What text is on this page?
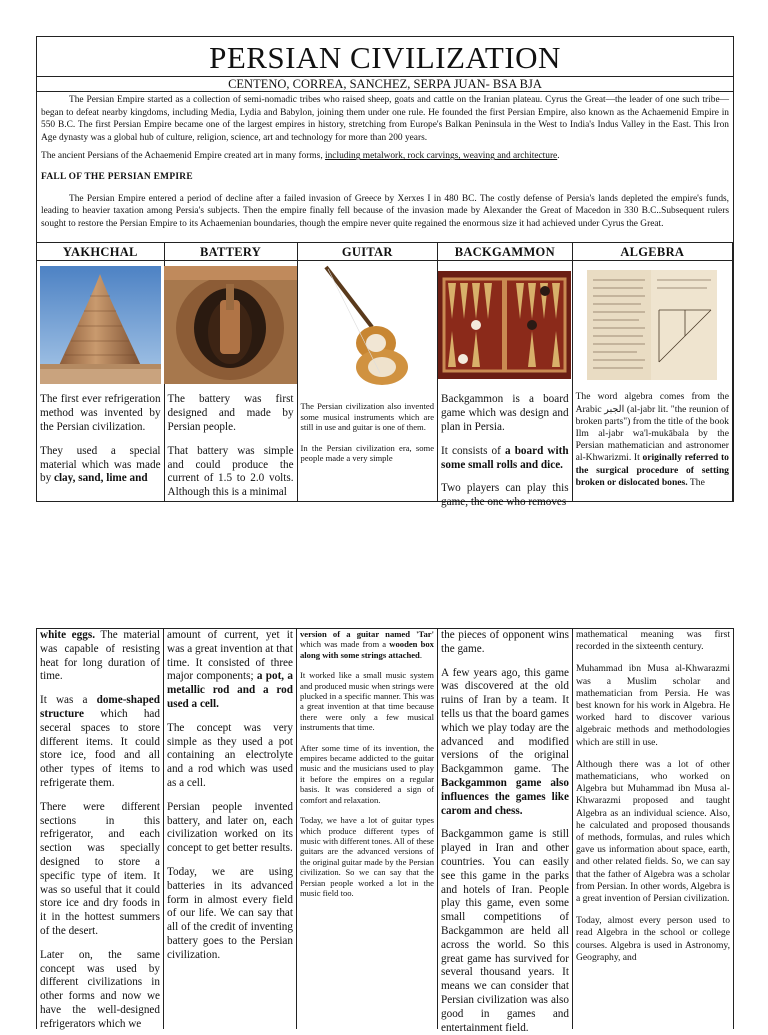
PERSIAN CIVILIZATION
CENTENO, CORREA, SANCHEZ, SERPA JUAN- BSA BJA

The Persian Empire started as a collection of semi-nomadic tribes who raised sheep, goats and cattle on the Iranian plateau. Cyrus the Great—the leader of one such tribe—began to defeat nearby kingdoms, including Media, Lydia and Babylon, joining them under one rule. He founded the first Persian Empire, also known as the Achaemenid Empire in 550 B.C. The first Persian Empire became one of the largest empires in history, stretching from Europe's Balkan Peninsula in the West to India's Indus Valley in the East. This Iron Age dynasty was a global hub of culture, religion, science, art and technology for more than 200 years.

The ancient Persians of the Achaemenid Empire created art in many forms, including metalwork, rock carvings, weaving and architecture.

FALL OF THE PERSIAN EMPIRE

The Persian Empire entered a period of decline after a failed invasion of Greece by Xerxes I in 480 BC. The costly defense of Persia's lands depleted the empire's funds, leading to heavier taxation among Persia's subjects. Then the empire finally fell because of the invasion made by Alexander the Great of Macedon in 330 B.C..Subsequent rulers sought to restore the Persian Empire to its Achaemenian boundaries, though the empire never quite regained the enormous size it had achieved under Cyrus the Great.

YAKHCHAL

The first ever refrigeration method was invented by the Persian civilization.

They used a special material which was made by clay, sand, lime and

BATTERY

The battery was first designed and made by Persian people.

That battery was simple and could produce the current of 1.5 to 2.0 volts. Although this is a minimal

GUITAR

The Persian civilization also invented some musical instruments which are still in use and guitar is one of them.

In the Persian civilization era, some people made a very simple

BACKGAMMON

Backgammon is a board game which was design and plan in Persia.

It consists of a board with some small rolls and dice.

Two players can play this game, the one who removes

ALGEBRA

The word algebra comes from the Arabic الجبر (al-jabr lit. "the reunion of broken parts") from the title of the book Ilm al-jabr wa'l-mukābala by the Persian mathematician and astronomer al-Khwarizmi. It originally referred to the surgical procedure of setting broken or dislocated bones. The

white eggs. The material was capable of resisting heat for long duration of time.

It was a dome-shaped structure which had seceral spaces to store different items. It could store ice, food and all other types of items to refrigerate them.

There were different sections in this refrigerator, and each section was specially designed to store a specific type of item. It was so useful that it could store ice and dry foods in it in the hottest summers of the desert.

Later on, the same concept was used by different civilizations in other forms and now we have the well-designed refrigerators which we

amount of current, yet it was a great invention at that time. It consisted of three major components; a pot, a metallic rod and a rod used a cell.

The concept was very simple as they used a pot containing an electrolyte and a rod which was used as a cell.

Persian people invented battery, and later on, each civilization worked on its concept to get better results.

Today, we are using batteries in its advanced form in almost every field of our life. We can say that all of the credit of inventing battery goes to the Persian civilization.

version of a guitar named 'Tar' which was made from a wooden box along with some strings attached.

It worked like a small music system and produced music when strings were plucked in a specific manner. This was a great invention at that time because there were only a few musical instruments that time.

After some time of its invention, the empires became addicted to the guitar music and the musicians used to play it before the empires on a regular basis. It was considered a sign of comfort and relaxation.

Today, we have a lot of guitar types which produce different types of music with different tones. All of these guitars are the advanced versions of the original guitar made by the Persian civilization. So we can say that the Persian people worked a lot in the music field too.

the pieces of opponent wins the game.

A few years ago, this game was discovered at the old ruins of Iran by a team. It tells us that the board games which we play today are the advanced and modified versions of the original Backgammon game. The Backgammon game also influences the games like carom and chess.

Backgammon game is still played in Iran and other countries. You can easily see this game in the parks and hotels of Iran. People play this game, even some small competitions of Backgammon are held all across the world. So this great game has survived for several thousand years. It means we can consider that Persian civilization was also good in games and entertainment field.

mathematical meaning was first recorded in the sixteenth century.

Muhammad ibn Musa al-Khwarazmi was a Muslim scholar and mathematician from Persia. He was best known for his work in Algebra. He worked hard to discover various algebraic methods and methodologies which are still in use.

Although there was a lot of other mathematicians, who worked on Algebra but Muhammad ibn Musa al-Khwarazmi proposed and taught Algebra as an individual science. Also, he calculated and proposed thousands of methods, formulas, and rules which gave us information about space, earth, and other related fields. So, we can say that the father of Algebra was a scholar from Persian. In other words, Algebra is a great invention of Persian civilization.

Today, almost every person used to read Algebra in the school or college courses. Algebra is used in Astronomy, Geography, and
